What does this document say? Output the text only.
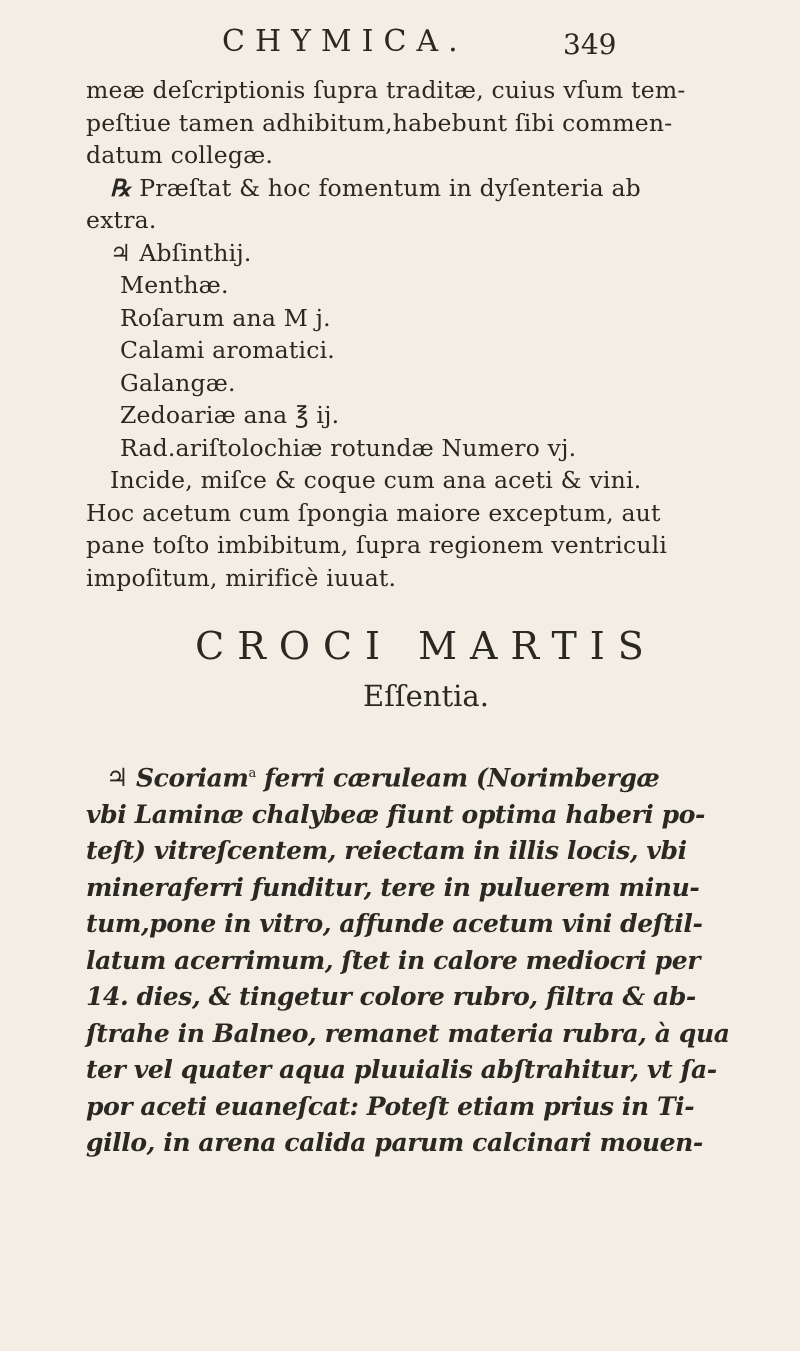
CHYMICA.	349
meæ deſcriptionis ſupra traditæ, cuius vſum tem-
peſtiue tamen adhibitum,habebunt ſibi commen-
datum collegæ.
℞ Præſtat & hoc fomentum in dyſenteria ab
extra.
♃ Abſinthij.
Menthæ.
Roſarum ana M j.
Calami aromatici.
Galangæ.
Zedoariæ ana ℥ ij.
Rad.ariſtolochiæ rotundæ Numero vj.
Incide, miſce & coque cum ana aceti & vini.
Hoc acetum cum ſpongia maiore exceptum, aut
pane toſto imbibitum, ſupra regionem ventriculi
impoſitum, mirificè iuuat.
CROCI MARTIS
Eſſentia.
♃ Scoriam$^a$ ferri cæruleam (Norimbergæ
vbi Laminæ chalybeæ fiunt optima haberi po-
teſt) vitreſcentem, reiectam in illis locis, vbi
mineraferri funditur, tere in puluerem minu-
tum,pone in vitro, affunde acetum vini deſtil-
latum acerrimum, ſtet in calore mediocri per
14. dies, & tingetur colore rubro, filtra & ab-
ſtrahe in Balneo, remanet materia rubra, à qua
ter vel quater aqua pluuialis abſtrahitur, vt ſa-
por aceti euaneſcat: Poteſt etiam prius in Ti-
gillo, in arena calida parum calcinari mouen-
